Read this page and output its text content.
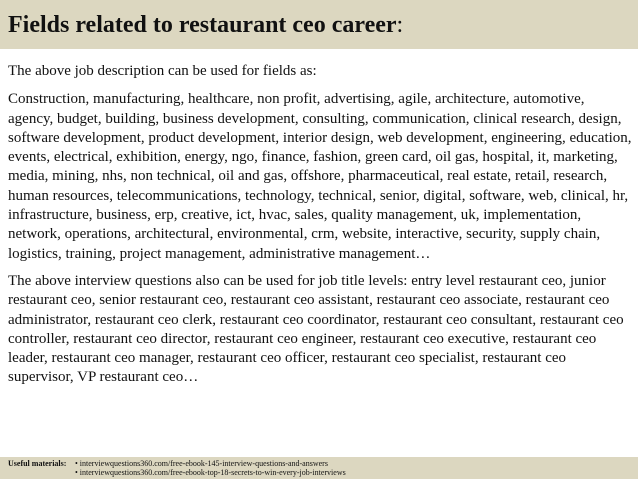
Fields related to restaurant ceo career:

The above job description can be used for fields as:

Construction, manufacturing, healthcare, non profit, advertising, agile, architecture, automotive, agency, budget, building, business development, consulting, communication, clinical research, design, software development, product development, interior design, web development, engineering, education, events, electrical, exhibition, energy, ngo, finance, fashion, green card, oil gas, hospital, it, marketing, media, mining, nhs, non technical, oil and gas, offshore, pharmaceutical, real estate, retail, research, human resources, telecommunications, technology, technical, senior, digital, software, web, clinical, hr, infrastructure, business, erp, creative, ict, hvac, sales, quality management, uk, implementation, network, operations, architectural, environmental, crm, website, interactive, security, supply chain, logistics, training, project management, administrative management…

The above interview questions also can be used for job title levels: entry level restaurant ceo, junior restaurant ceo, senior restaurant ceo, restaurant ceo assistant, restaurant ceo associate, restaurant ceo administrator, restaurant ceo clerk, restaurant ceo coordinator, restaurant ceo consultant, restaurant ceo controller, restaurant ceo director, restaurant ceo engineer, restaurant ceo executive, restaurant ceo leader, restaurant ceo manager, restaurant ceo officer, restaurant ceo specialist, restaurant ceo supervisor, VP restaurant ceo…

Useful materials:	• interviewquestions360.com/free-ebook-145-interview-questions-and-answers
• interviewquestions360.com/free-ebook-top-18-secrets-to-win-every-job-interviews
